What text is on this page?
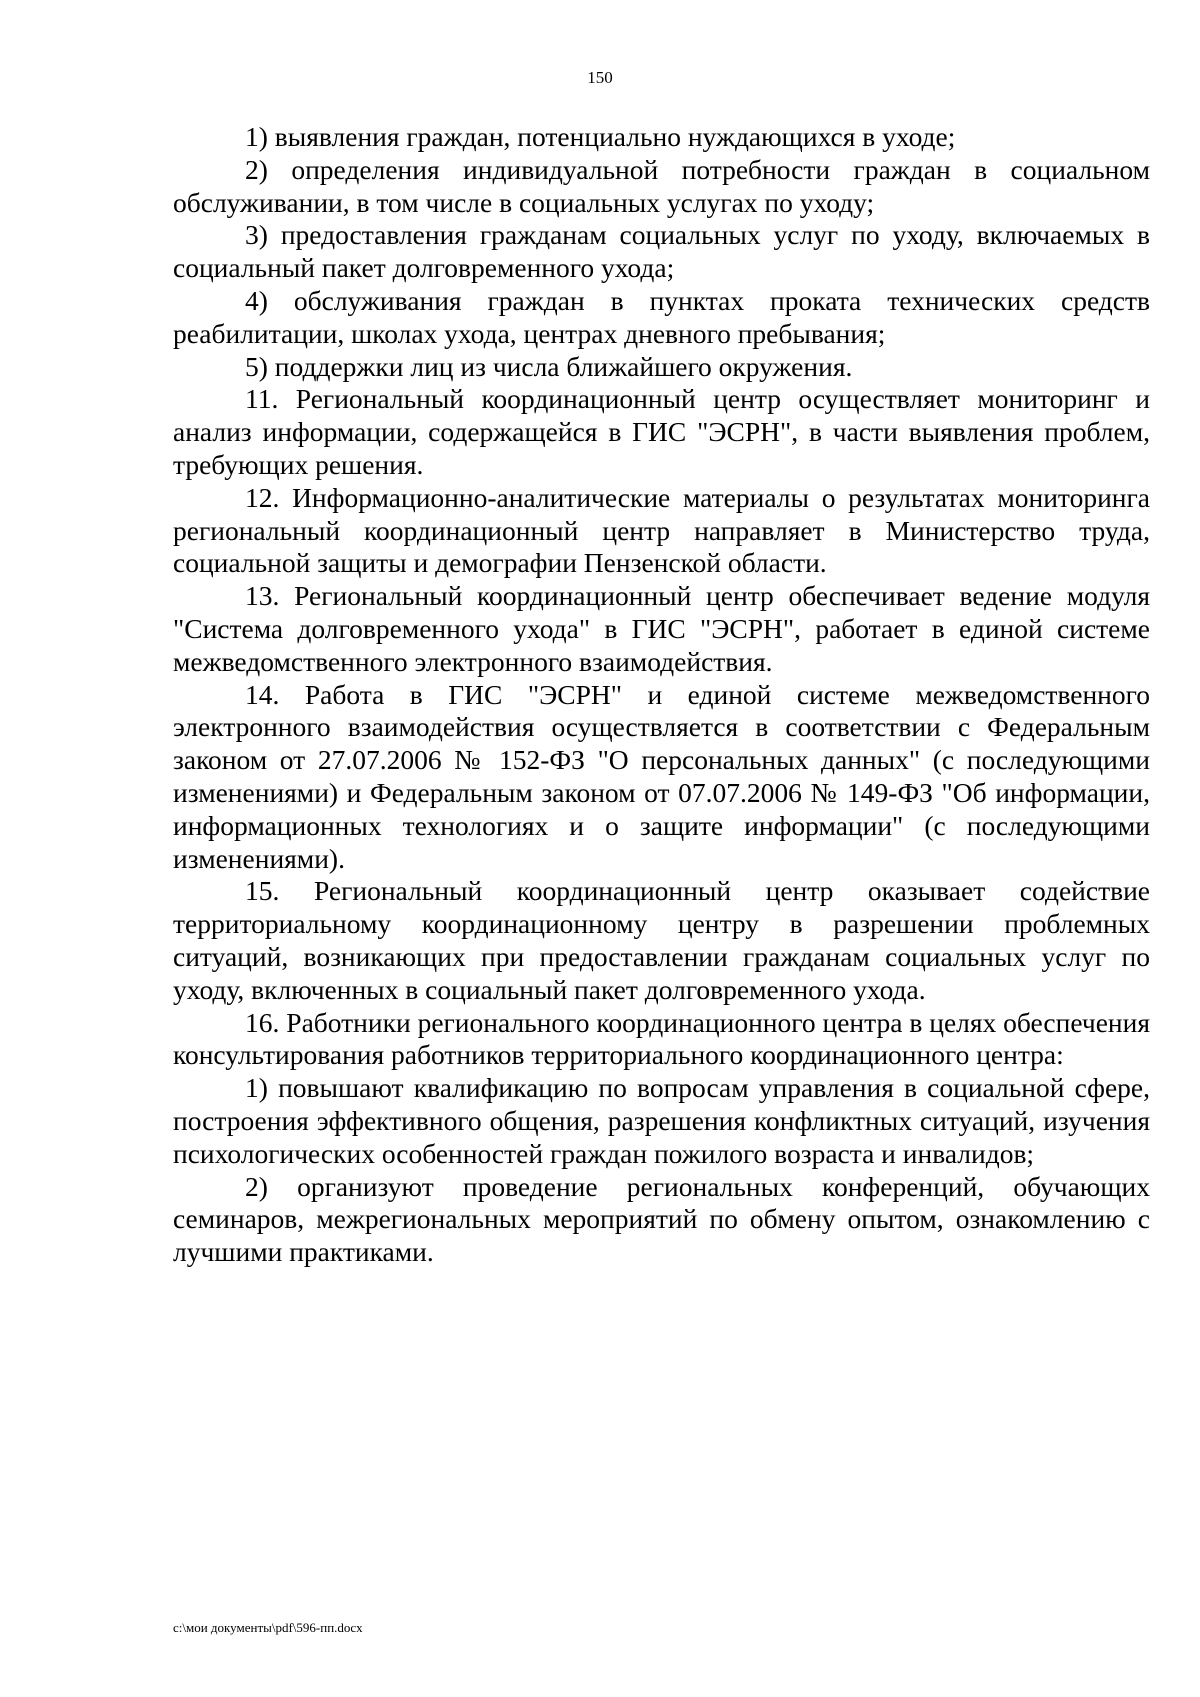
150

1) выявления граждан, потенциально нуждающихся в уходе;

2) определения индивидуальной потребности граждан в социальном обслуживании, в том числе в социальных услугах по уходу;

3) предоставления гражданам социальных услуг по уходу, включаемых в социальный пакет долговременного ухода;

4) обслуживания граждан в пунктах проката технических средств реабилитации, школах ухода, центрах дневного пребывания;

5) поддержки лиц из числа ближайшего окружения.

11. Региональный координационный центр осуществляет мониторинг и анализ информации, содержащейся в ГИС "ЭСРН", в части выявления проблем, требующих решения.

12. Информационно-аналитические материалы о результатах мониторинга региональный координационный центр направляет в Министерство труда, социальной защиты и демографии Пензенской области.

13. Региональный координационный центр обеспечивает ведение модуля "Система долговременного ухода" в ГИС "ЭСРН", работает в единой системе межведомственного электронного взаимодействия.

14. Работа в ГИС "ЭСРН" и единой системе межведомственного электронного взаимодействия осуществляется в соответствии с Федеральным законом от 27.07.2006 № 152-ФЗ "О персональных данных" (с последующими изменениями) и Федеральным законом от 07.07.2006 № 149-ФЗ "Об информации, информационных технологиях и о защите информации" (с последующими изменениями).

15. Региональный координационный центр оказывает содействие территориальному координационному центру в разрешении проблемных ситуаций, возникающих при предоставлении гражданам социальных услуг по уходу, включенных в социальный пакет долговременного ухода.

16. Работники регионального координационного центра в целях обеспечения консультирования работников территориального координационного центра:

1) повышают квалификацию по вопросам управления в социальной сфере, построения эффективного общения, разрешения конфликтных ситуаций, изучения психологических особенностей граждан пожилого возраста и инвалидов;

2) организуют проведение региональных конференций, обучающих семинаров, межрегиональных мероприятий по обмену опытом, ознакомлению с лучшими практиками.

c:\мои документы\pdf\596-пп.docx
